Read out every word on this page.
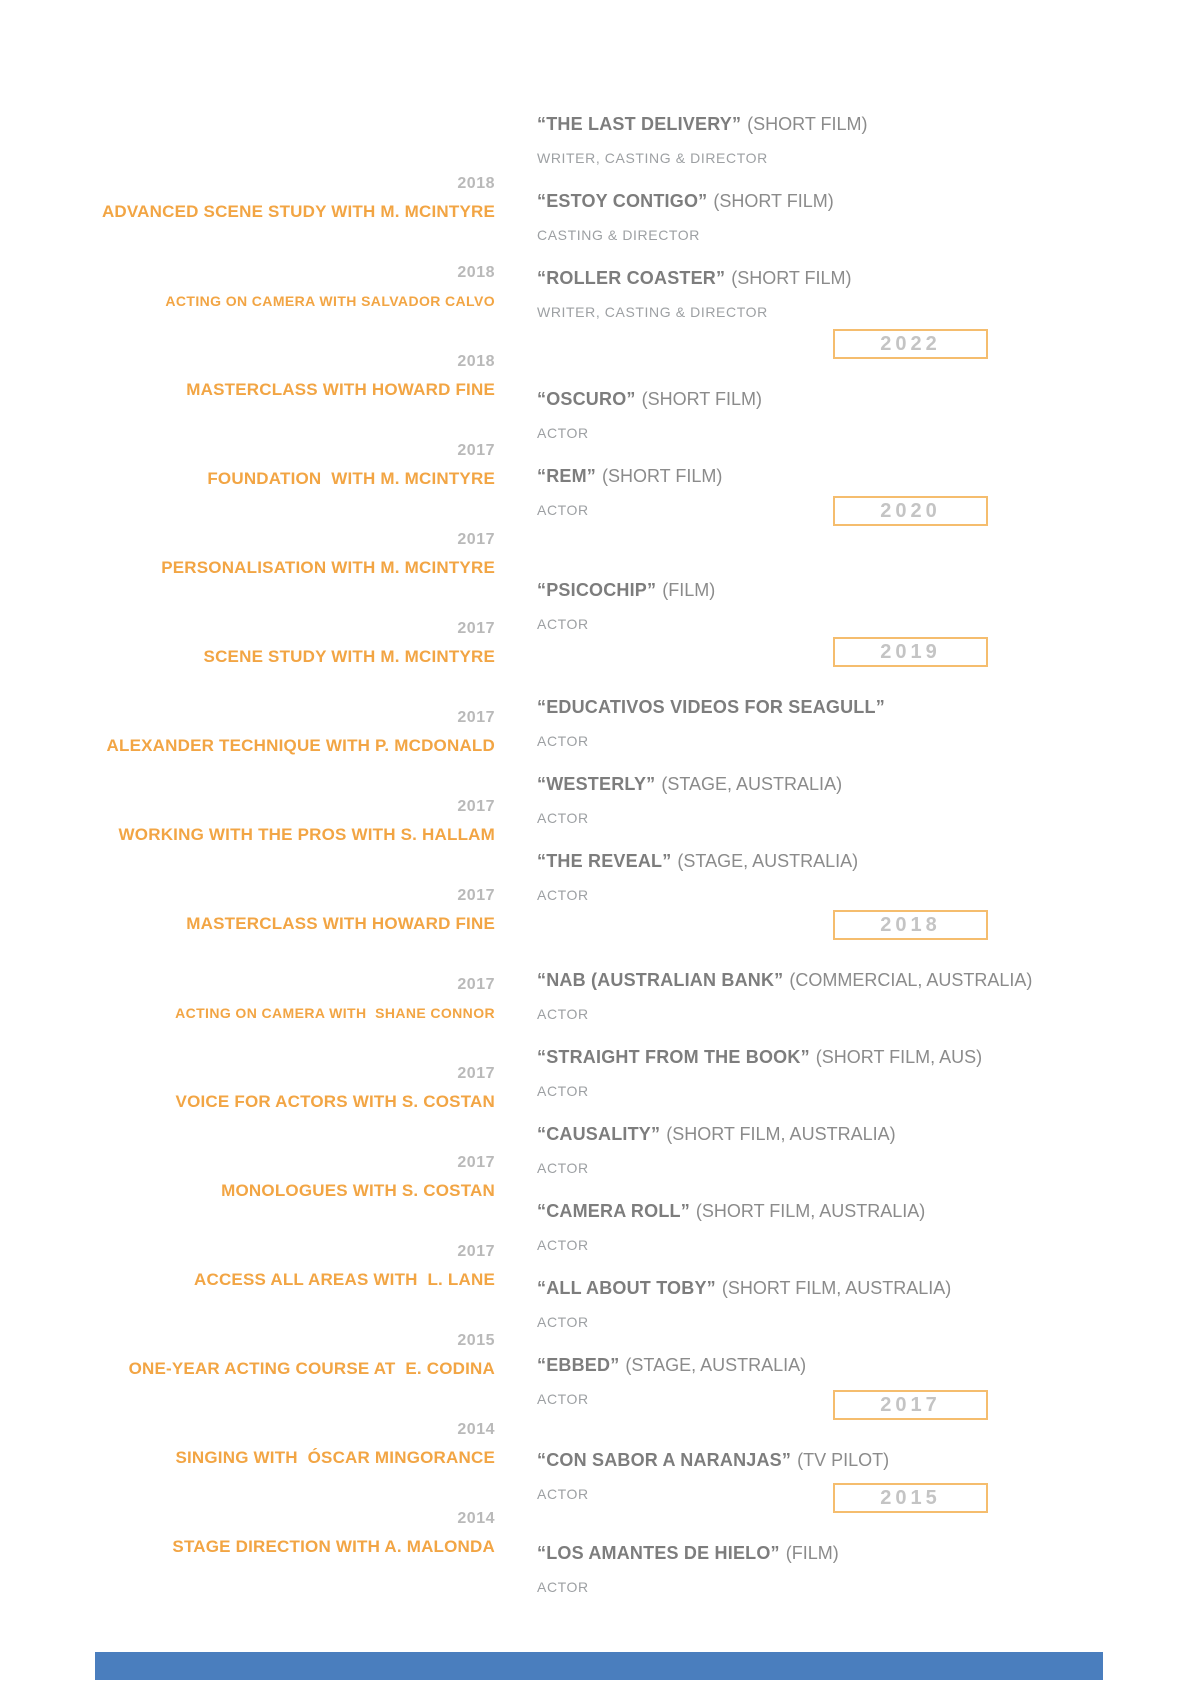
2018
ADVANCED SCENE STUDY WITH M. MCINTYRE
2018
ACTING ON CAMERA WITH SALVADOR CALVO
2018
MASTERCLASS WITH HOWARD FINE
2017
FOUNDATION  WITH M. MCINTYRE
2017
PERSONALISATION WITH M. MCINTYRE
2017
SCENE STUDY WITH M. MCINTYRE
2017
ALEXANDER TECHNIQUE WITH P. MCDONALD
2017
WORKING WITH THE PROS WITH S. HALLAM
2017
MASTERCLASS WITH HOWARD FINE
2017
ACTING ON CAMERA WITH  SHANE CONNOR
2017
VOICE FOR ACTORS WITH S. COSTAN
2017
MONOLOGUES WITH S. COSTAN
2017
ACCESS ALL AREAS WITH  L. LANE
2015
ONE-YEAR ACTING COURSE AT  E. CODINA
2014
SINGING WITH  ÓSCAR MINGORANCE
2014
STAGE DIRECTION WITH A. MALONDA
“THE LAST DELIVERY” (SHORT FILM)
WRITER, CASTING & DIRECTOR
“ESTOY CONTIGO” (SHORT FILM)
CASTING & DIRECTOR
“ROLLER COASTER” (SHORT FILM)
WRITER, CASTING & DIRECTOR
2022
“OSCURO” (SHORT FILM)
ACTOR
“REM” (SHORT FILM)
ACTOR	2020
“PSICOCHIP” (FILM)
ACTOR
2019
“EDUCATIVOS VIDEOS FOR SEAGULL”
ACTOR
“WESTERLY” (STAGE, AUSTRALIA)
ACTOR
“THE REVEAL” (STAGE, AUSTRALIA)
ACTOR
2018
“NAB (AUSTRALIAN BANK” (COMMERCIAL, AUSTRALIA)
ACTOR
“STRAIGHT FROM THE BOOK” (SHORT FILM, AUS)
ACTOR
“CAUSALITY” (SHORT FILM, AUSTRALIA)
ACTOR
“CAMERA ROLL” (SHORT FILM, AUSTRALIA)
ACTOR
“ALL ABOUT TOBY” (SHORT FILM, AUSTRALIA)
ACTOR
“EBBED” (STAGE, AUSTRALIA)
ACTOR	2017
“CON SABOR A NARANJAS” (TV PILOT)
ACTOR	2015
“LOS AMANTES DE HIELO” (FILM)
ACTOR
